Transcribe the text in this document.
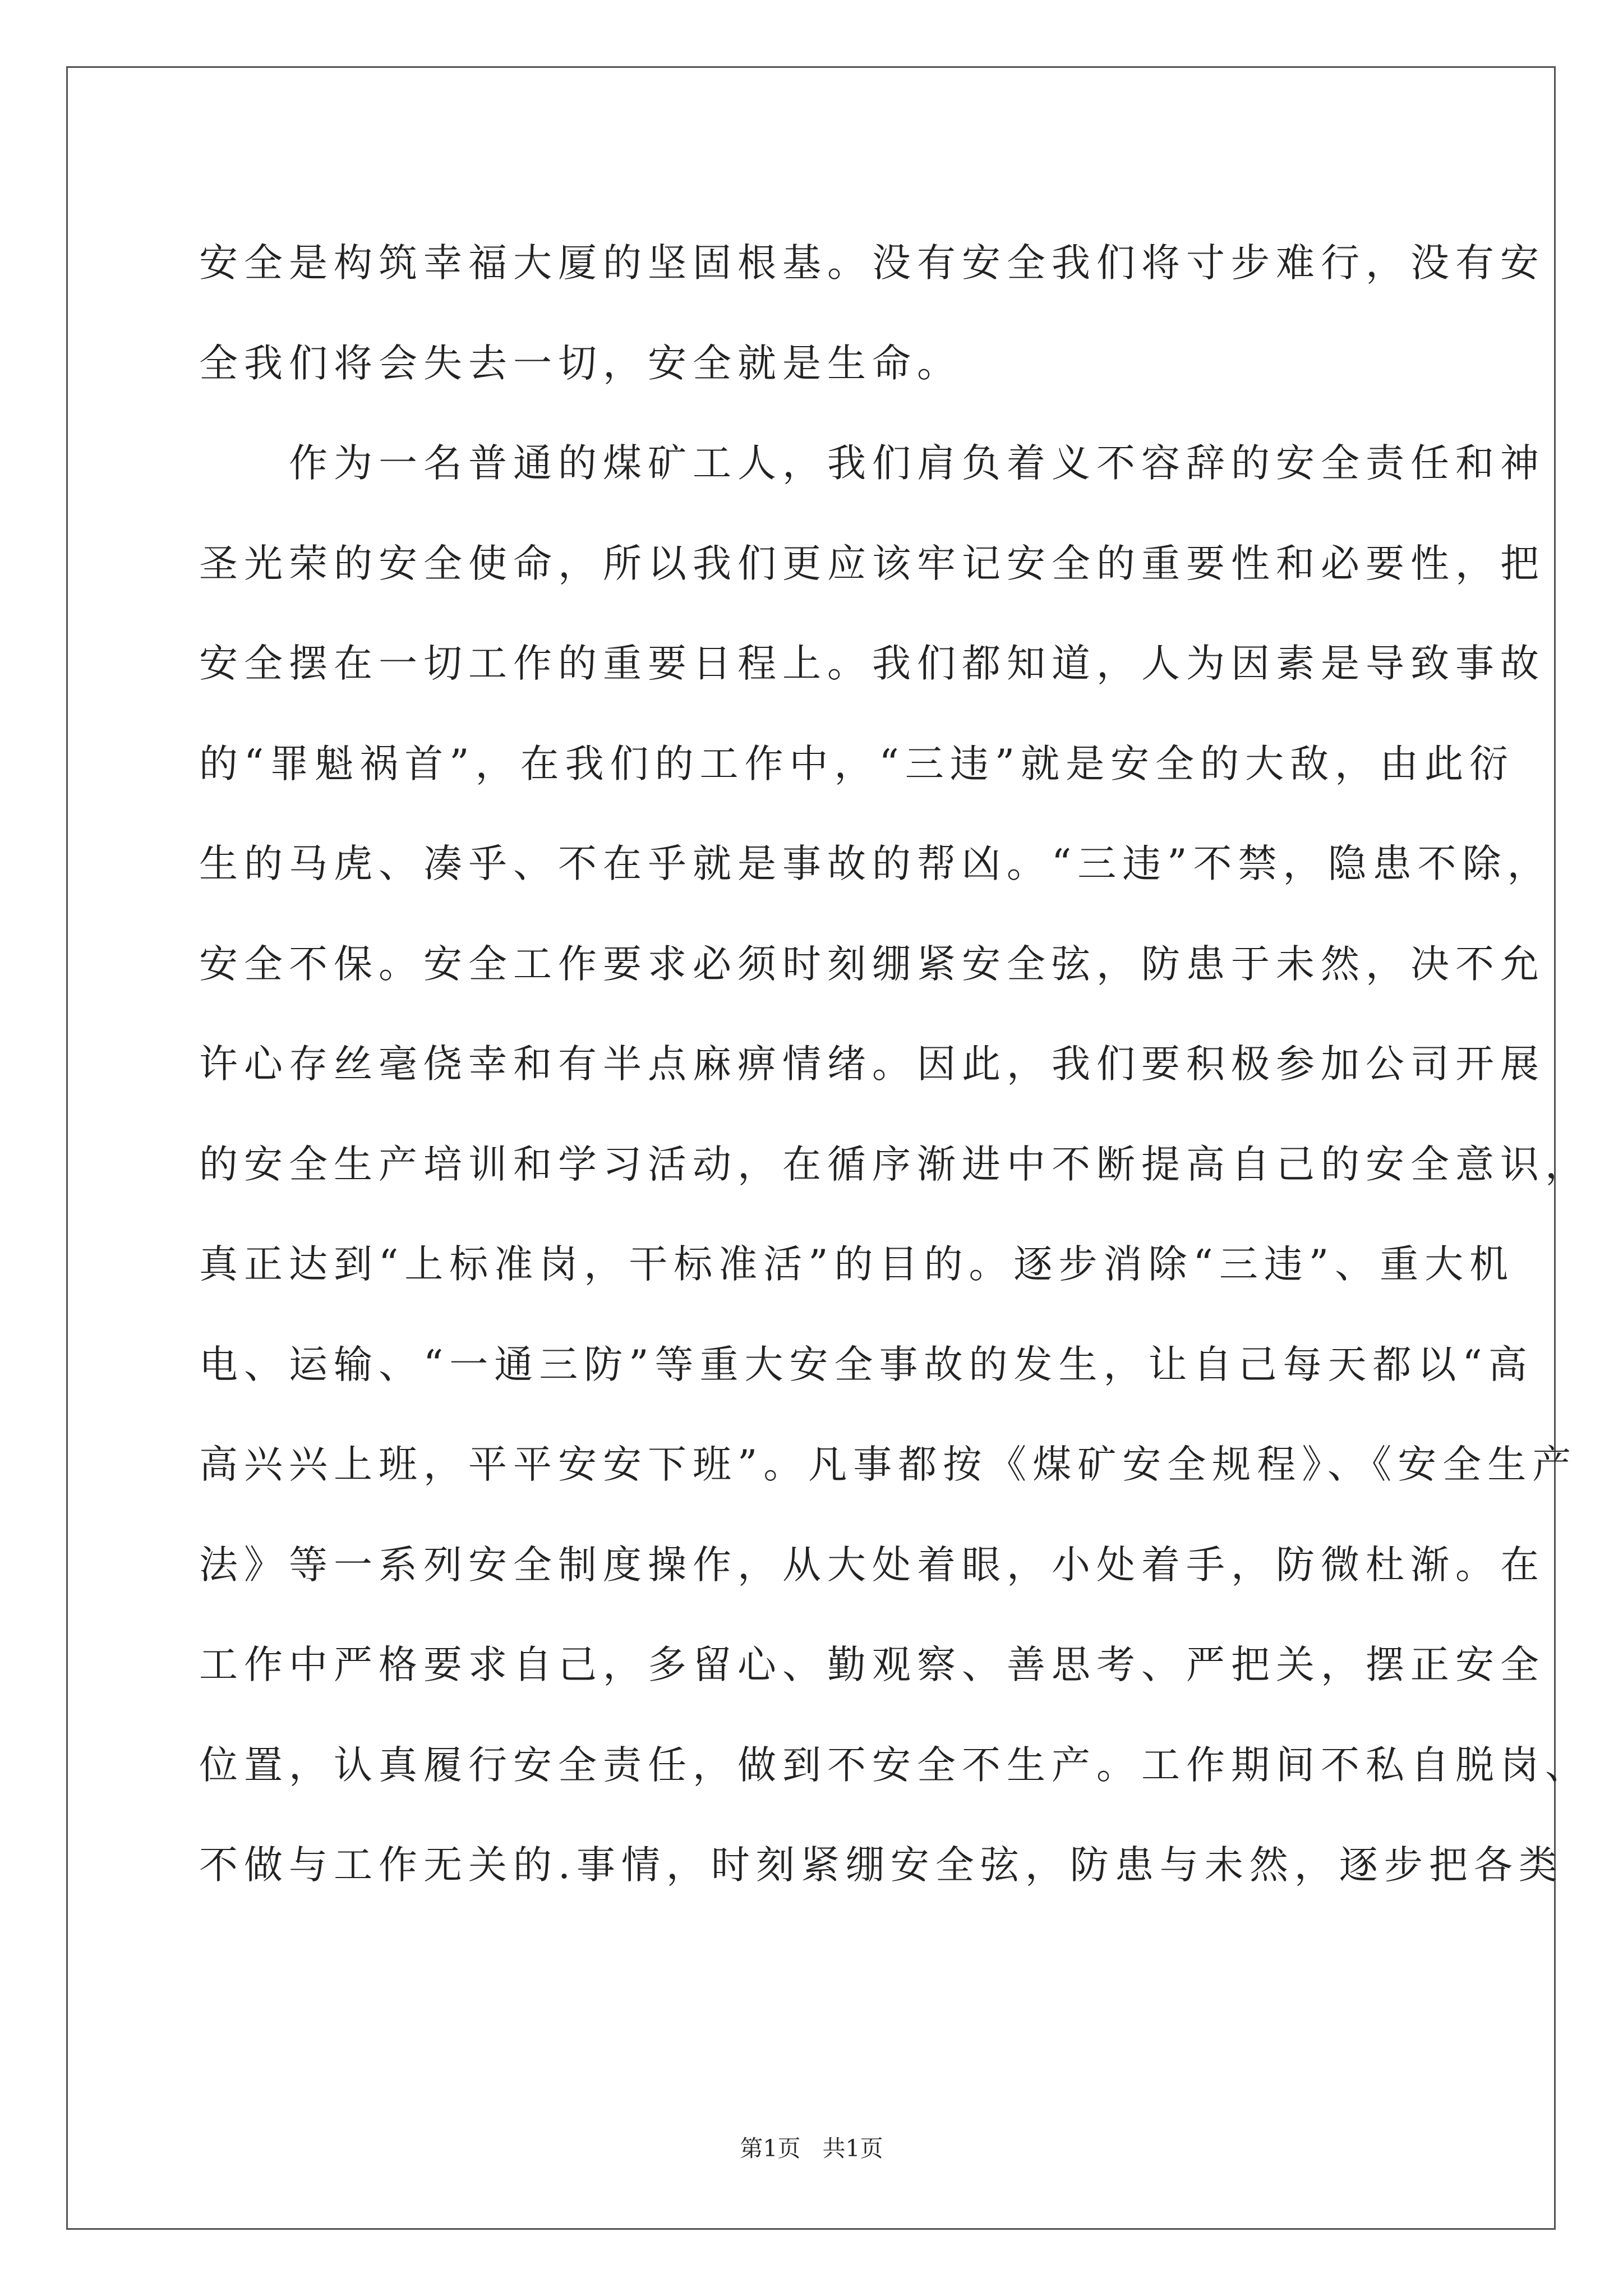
安全是构筑幸福大厦的坚固根基。没有安全我们将寸步难行，没有安
全我们将会失去一切，安全就是生命。
　　作为一名普通的煤矿工人，我们肩负着义不容辞的安全责任和神
圣光荣的安全使命，所以我们更应该牢记安全的重要性和必要性，把
安全摆在一切工作的重要日程上。我们都知道，人为因素是导致事故
的“罪魁祸首”，在我们的工作中，“三违”就是安全的大敌，由此衍
生的马虎、凑乎、不在乎就是事故的帮凶。“三违”不禁，隐患不除，
安全不保。安全工作要求必须时刻绷紧安全弦，防患于未然，决不允
许心存丝毫侥幸和有半点麻痹情绪。因此，我们要积极参加公司开展
的安全生产培训和学习活动，在循序渐进中不断提高自己的安全意识，
真正达到“上标准岗，干标准活”的目的。逐步消除“三违”、重大机
电、运输、“一通三防”等重大安全事故的发生，让自己每天都以“高
高兴兴上班，平平安安下班”。凡事都按《煤矿安全规程》、《安全生产
法》等一系列安全制度操作，从大处着眼，小处着手，防微杜渐。在
工作中严格要求自己，多留心、勤观察、善思考、严把关，摆正安全
位置，认真履行安全责任，做到不安全不生产。工作期间不私自脱岗、
不做与工作无关的.事情，时刻紧绷安全弦，防患与未然，逐步把各类
第1页   共1页
